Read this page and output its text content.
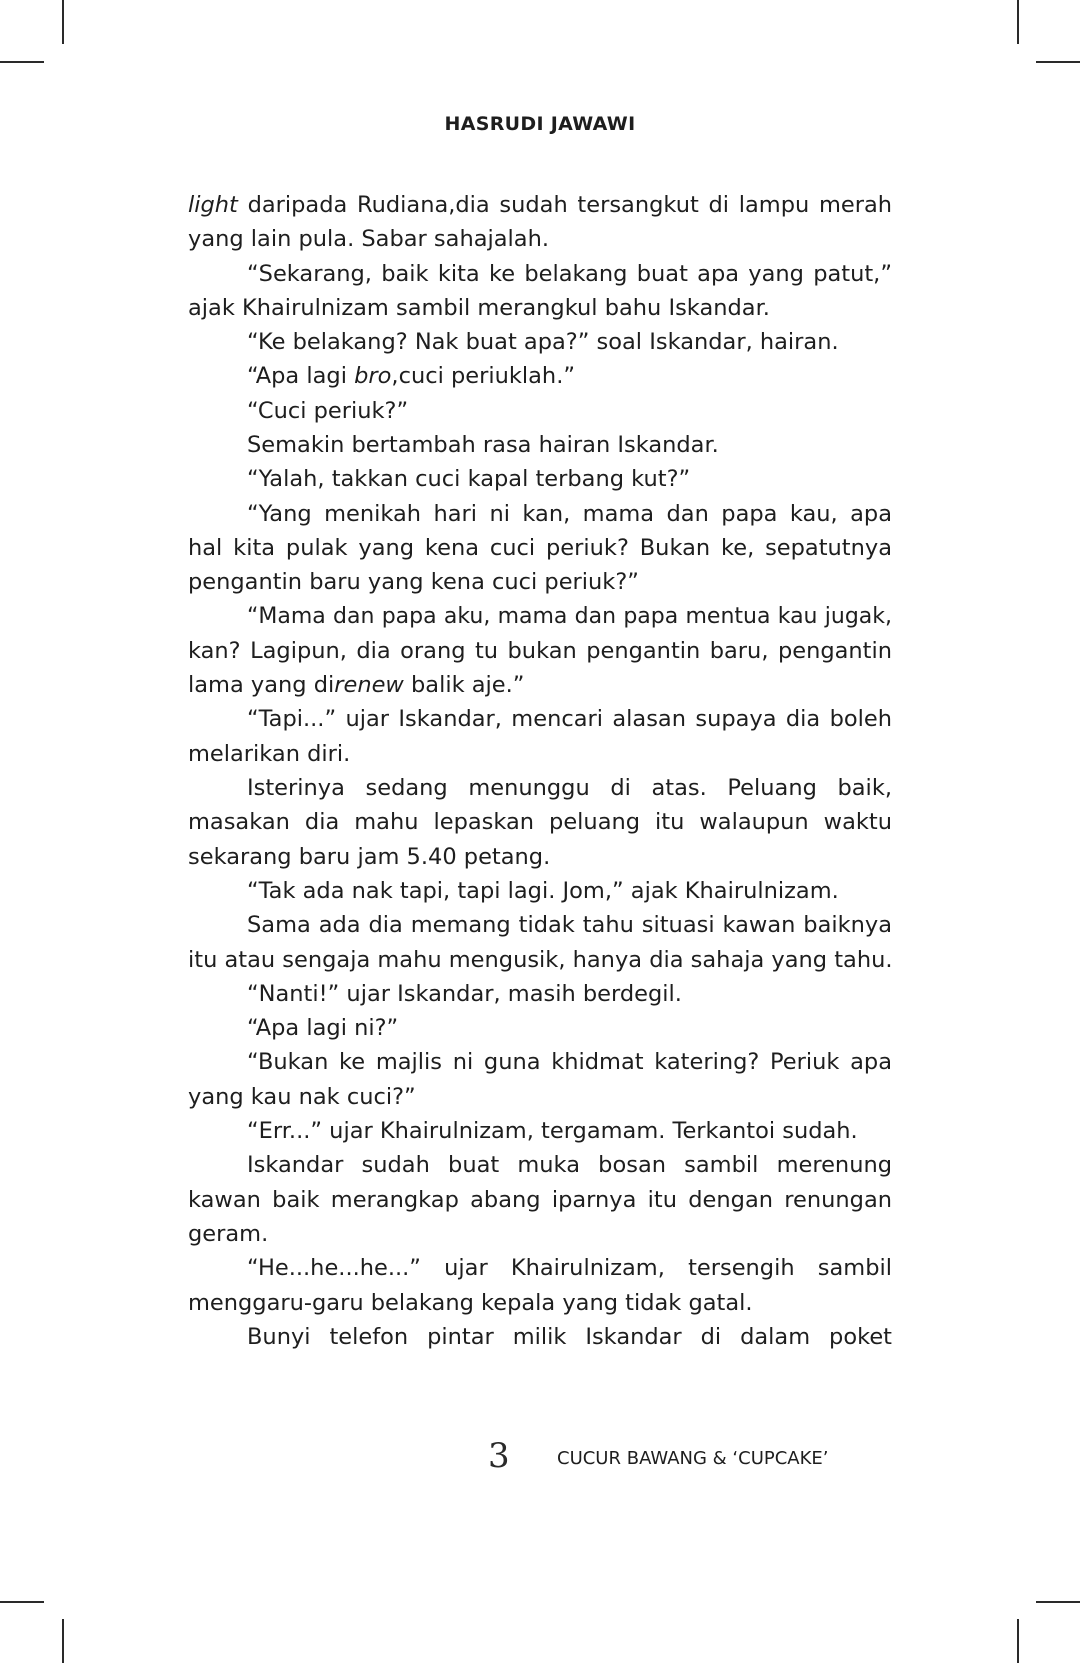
HASRUDI JAWAWI
light daripada Rudiana,dia sudah tersangkut di lampu merah
yang lain pula. Sabar sahajalah.
“Sekarang, baik kita ke belakang buat apa yang patut,”
ajak Khairulnizam sambil merangkul bahu Iskandar.
“Ke belakang? Nak buat apa?” soal Iskandar, hairan.
“Apa lagi bro,cuci periuklah.”
“Cuci periuk?”
Semakin bertambah rasa hairan Iskandar.
“Yalah, takkan cuci kapal terbang kut?”
“Yang menikah hari ni kan, mama dan papa kau, apa
hal kita pulak yang kena cuci periuk? Bukan ke, sepatutnya
pengantin baru yang kena cuci periuk?”
“Mama dan papa aku, mama dan papa mentua kau jugak,
kan? Lagipun, dia orang tu bukan pengantin baru, pengantin
lama yang direnew balik aje.”
“Tapi...” ujar Iskandar, mencari alasan supaya dia boleh
melarikan diri.
Isterinya sedang menunggu di atas. Peluang baik,
masakan dia mahu lepaskan peluang itu walaupun waktu
sekarang baru jam 5.40 petang.
“Tak ada nak tapi, tapi lagi. Jom,” ajak Khairulnizam.
Sama ada dia memang tidak tahu situasi kawan baiknya
itu atau sengaja mahu mengusik, hanya dia sahaja yang tahu.
“Nanti!” ujar Iskandar, masih berdegil.
“Apa lagi ni?”
“Bukan ke majlis ni guna khidmat katering? Periuk apa
yang kau nak cuci?”
“Err...” ujar Khairulnizam, tergamam. Terkantoi sudah.
Iskandar sudah buat muka bosan sambil merenung
kawan baik merangkap abang iparnya itu dengan renungan
geram.
“He...he...he...” ujar Khairulnizam, tersengih sambil
menggaru-garu belakang kepala yang tidak gatal.
Bunyi telefon pintar milik Iskandar di dalam poket
3	CUCUR BAWANG & ‘CUPCAKE’
